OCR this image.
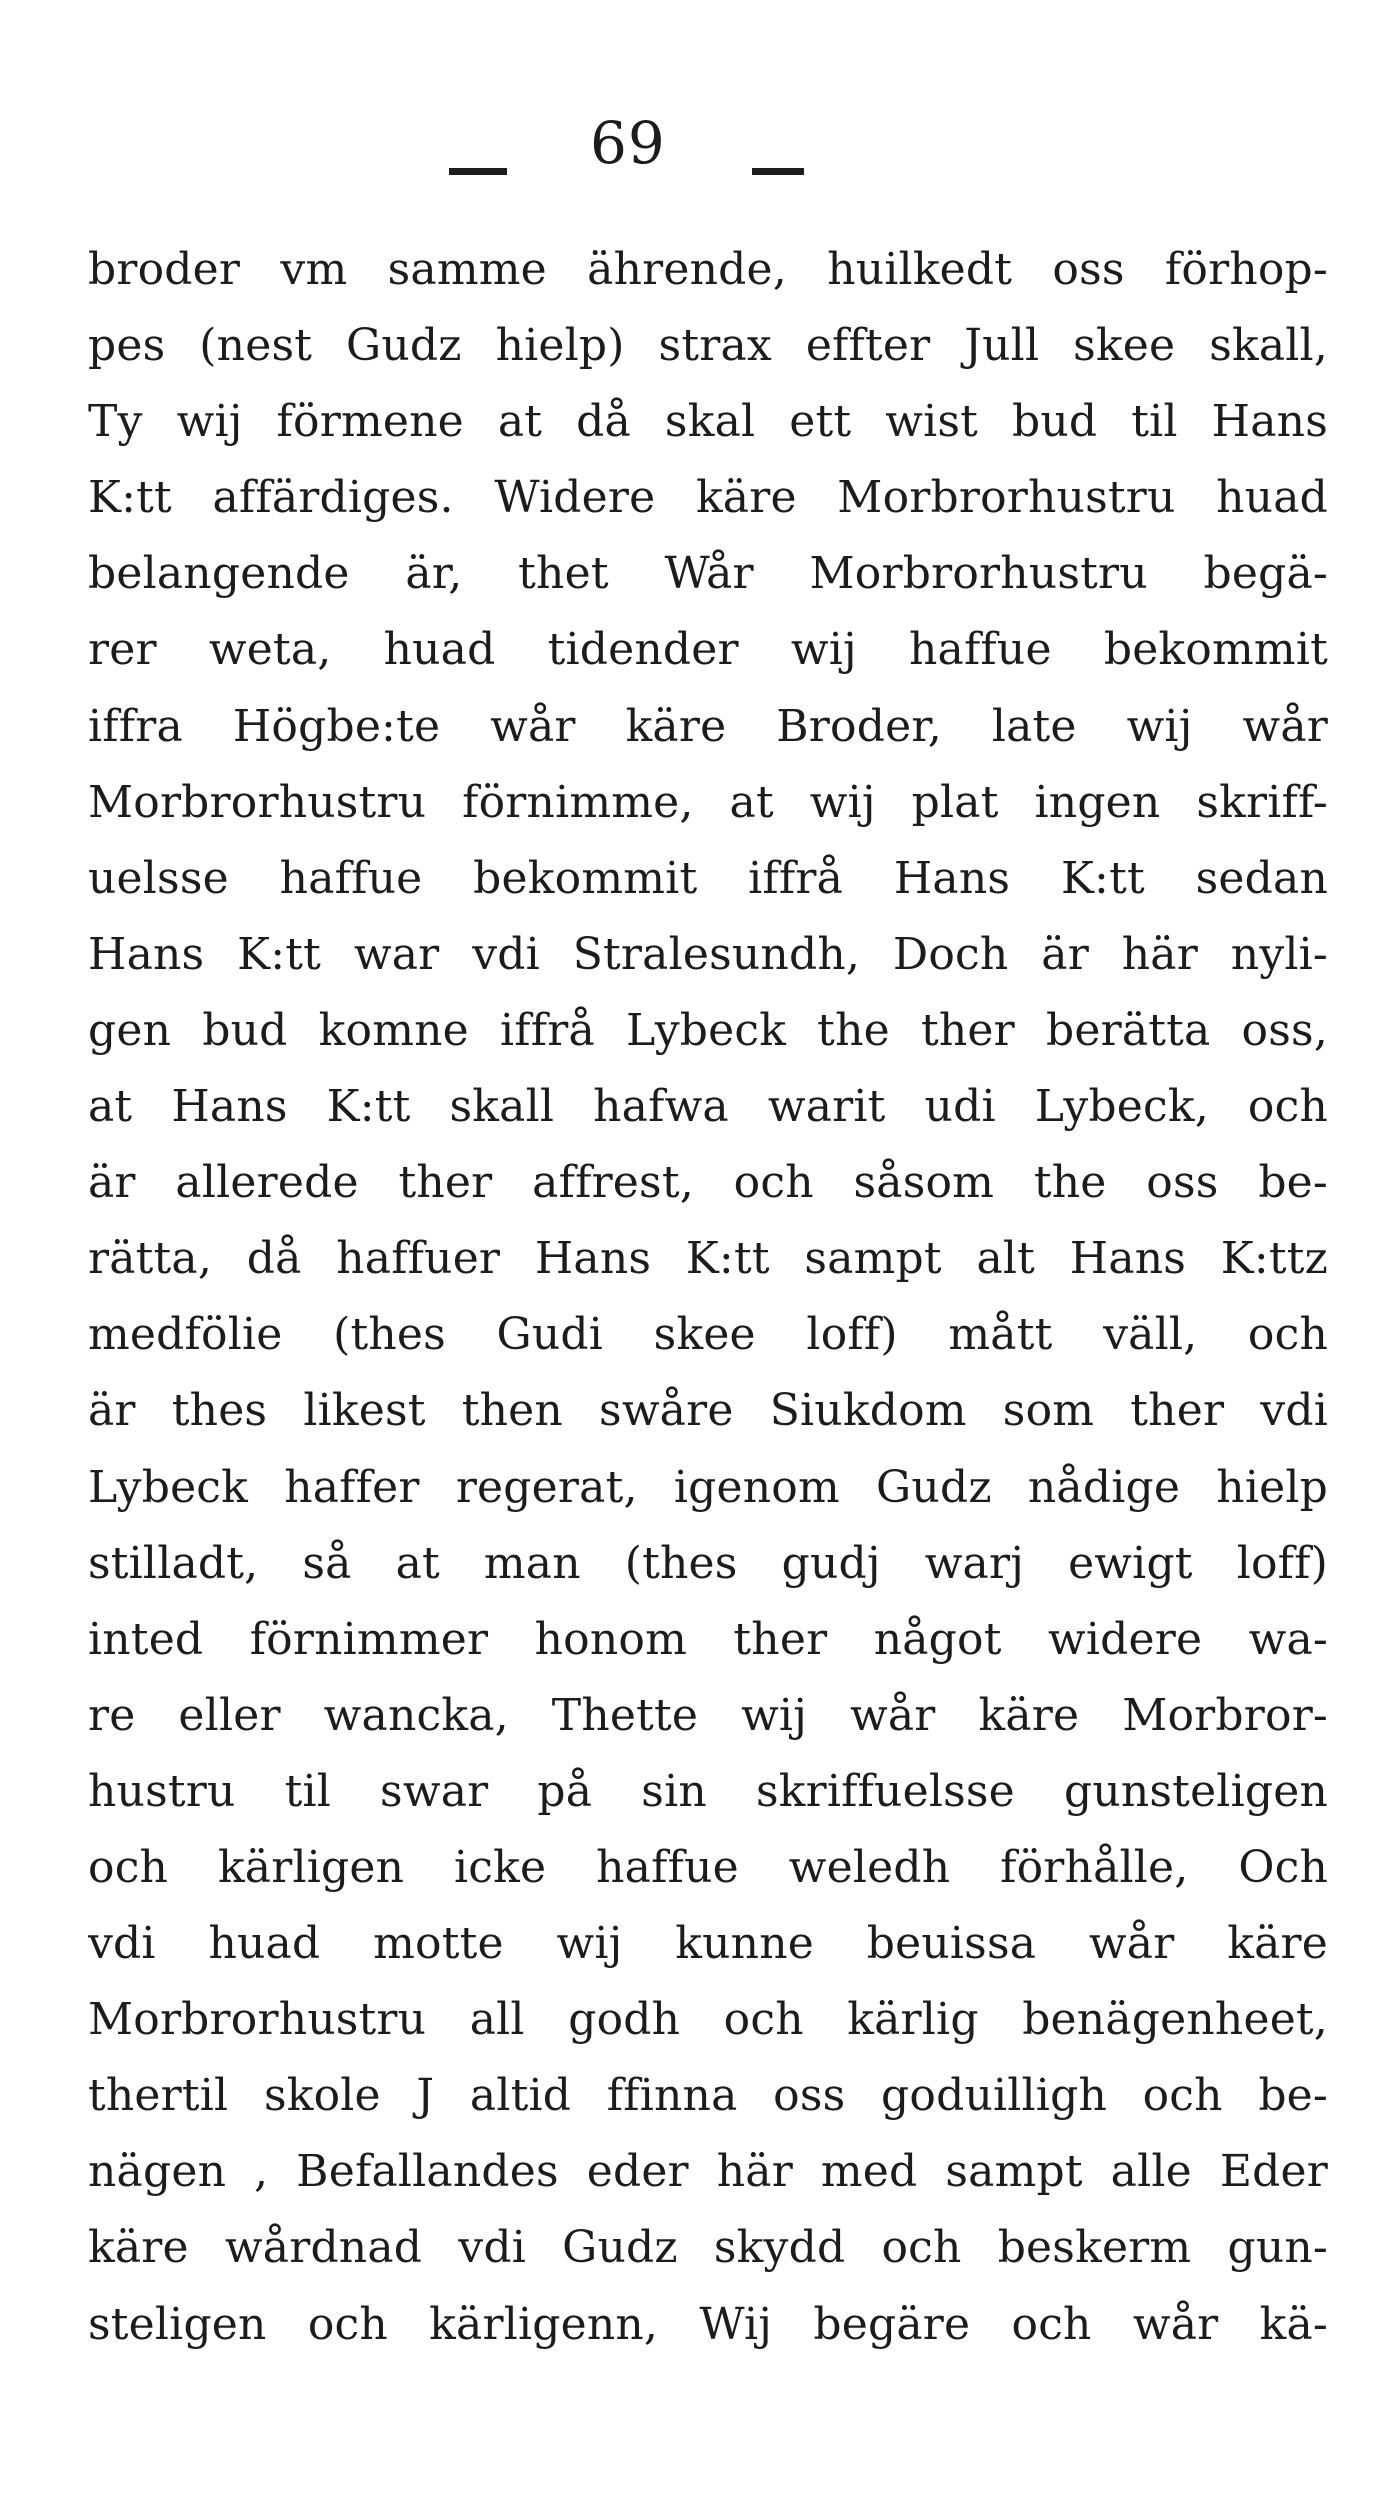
69
broder vm samme ährende, huilkedt oss förhop-
pes (nest Gudz hielp) strax effter Jull skee skall,
Ty wij förmene at då skal ett wist bud til Hans
K:tt affärdiges. Widere käre Morbrorhustru huad
belangende är, thet Wår Morbrorhustru begä-
rer weta, huad tidender wij haffue bekommit
iffra Högbe:te wår käre Broder, late wij wår
Morbrorhustru förnimme, at wij plat ingen skriff-
uelsse haffue bekommit iffrå Hans K:tt sedan
Hans K:tt war vdi Stralesundh, Doch är här nyli-
gen bud komne iffrå Lybeck the ther berätta oss,
at Hans K:tt skall hafwa warit udi Lybeck, och
är allerede ther affrest, och såsom the oss be-
rätta, då haffuer Hans K:tt sampt alt Hans K:ttz
medfölie (thes Gudi skee loff) mått väll, och
är thes likest then swåre Siukdom som ther vdi
Lybeck haffer regerat, igenom Gudz nådige hielp
stilladt, så at man (thes gudj warj ewigt loff)
inted förnimmer honom ther något widere wa-
re eller wancka, Thette wij wår käre Morbror-
hustru til swar på sin skriffuelsse gunsteligen
och kärligen icke haffue weledh förhålle, Och
vdi huad motte wij kunne beuissa wår käre
Morbrorhustru all godh och kärlig benägenheet,
thertil skole J altid ffinna oss goduilligh och be-
nägen , Befallandes eder här med sampt alle Eder
käre wårdnad vdi Gudz skydd och beskerm gun-
steligen och kärligenn, Wij begäre och wår kä-
